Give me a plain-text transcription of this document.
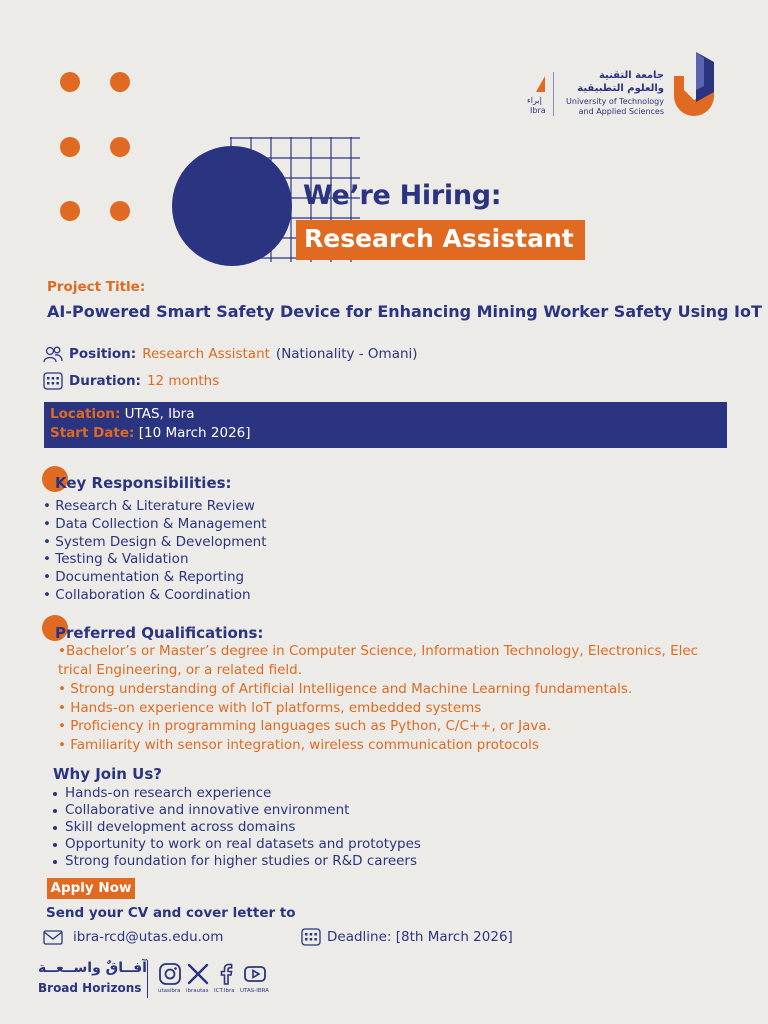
We’re Hiring:
Research Assistant
إبراء
Ibra
جامعة التقنية
والعلوم التطبيقية
University of Technology
and Applied Sciences
Project Title:
AI-Powered Smart Safety Device for Enhancing Mining Worker Safety Using IoT
Position: Research Assistant (Nationality - Omani)
Duration: 12 months
Location: UTAS, Ibra
Start Date: [10 March 2026]
Key Responsibilities:
• Research & Literature Review
• Data Collection & Management
• System Design & Development
• Testing & Validation
• Documentation & Reporting
• Collaboration & Coordination
Preferred Qualifications:
•Bachelor’s or Master’s degree in Computer Science, Information Technology, Electronics, Elec
trical Engineering, or a related field.
• Strong understanding of Artificial Intelligence and Machine Learning fundamentals.
• Hands-on experience with IoT platforms, embedded systems
• Proficiency in programming languages such as Python, C/C++, or Java.
• Familiarity with sensor integration, wireless communication protocols
Why Join Us?
Hands-on research experience
Collaborative and innovative environment
Skill development across domains
Opportunity to work on real datasets and prototypes
Strong foundation for higher studies or R&D careers
Apply Now
Send your CV and cover letter to
ibra-rcd@utas.edu.om	Deadline: [8th March 2026]
آفــاقٌ واســعــة
Broad Horizons	utasibra ibrautas ICT.Ibra UTAS-IBRA
